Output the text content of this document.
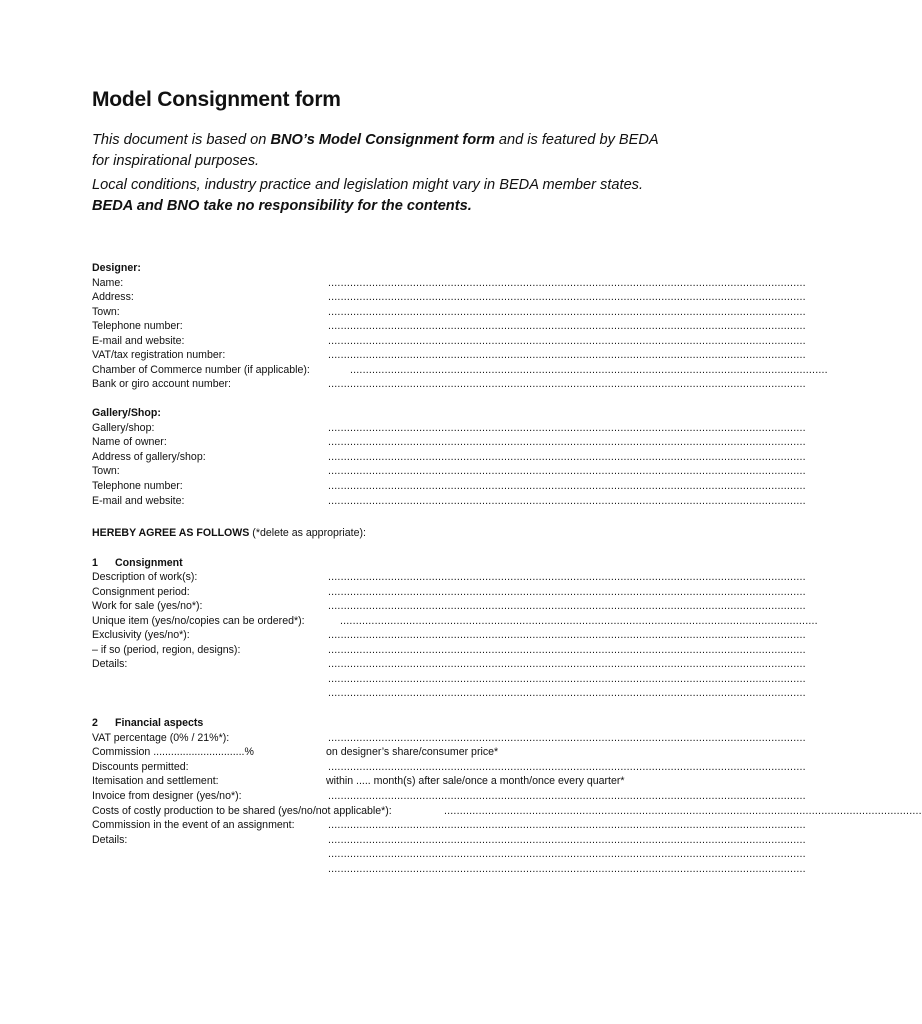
Model Consignment form

This document is based on BNO’s Model Consignment form and is featured by BEDA for inspirational purposes.

Local conditions, industry practice and legislation might vary in BEDA member states. BEDA and BNO take no responsibility for the contents.

Designer:
Name:	........................................................................................................................................................
Address:	........................................................................................................................................................
Town:	........................................................................................................................................................
Telephone number:	........................................................................................................................................................
E-mail and website:	........................................................................................................................................................
VAT/tax registration number:	........................................................................................................................................................
Chamber of Commerce number (if applicable):	........................................................................................................................................................
Bank or giro account number:	........................................................................................................................................................
Gallery/Shop:
Gallery/shop:	........................................................................................................................................................
Name of owner:	........................................................................................................................................................
Address of gallery/shop:	........................................................................................................................................................
Town:	........................................................................................................................................................
Telephone number:	........................................................................................................................................................
E-mail and website:	........................................................................................................................................................
HEREBY AGREE AS FOLLOWS (*delete as appropriate):
1 Consignment
Description of work(s):	........................................................................................................................................................
Consignment period:	........................................................................................................................................................
Work for sale (yes/no*):	........................................................................................................................................................
Unique item (yes/no/copies can be ordered*):	........................................................................................................................................................
Exclusivity (yes/no*):	........................................................................................................................................................
– if so (period, region, designs):	........................................................................................................................................................
Details:	........................................................................................................................................................
........................................................................................................................................................
........................................................................................................................................................
2 Financial aspects
VAT percentage (0% / 21%*):	........................................................................................................................................................
Commission ...............................%	on designer’s share/consumer price*
Discounts permitted:	........................................................................................................................................................
Itemisation and settlement:	within ..... month(s) after sale/once a month/once every quarter*
Invoice from designer (yes/no*):	........................................................................................................................................................
Costs of costly production to be shared (yes/no/not applicable*):	........................................................................................................................................................
Commission in the event of an assignment:	........................................................................................................................................................
Details:	........................................................................................................................................................
........................................................................................................................................................
........................................................................................................................................................
